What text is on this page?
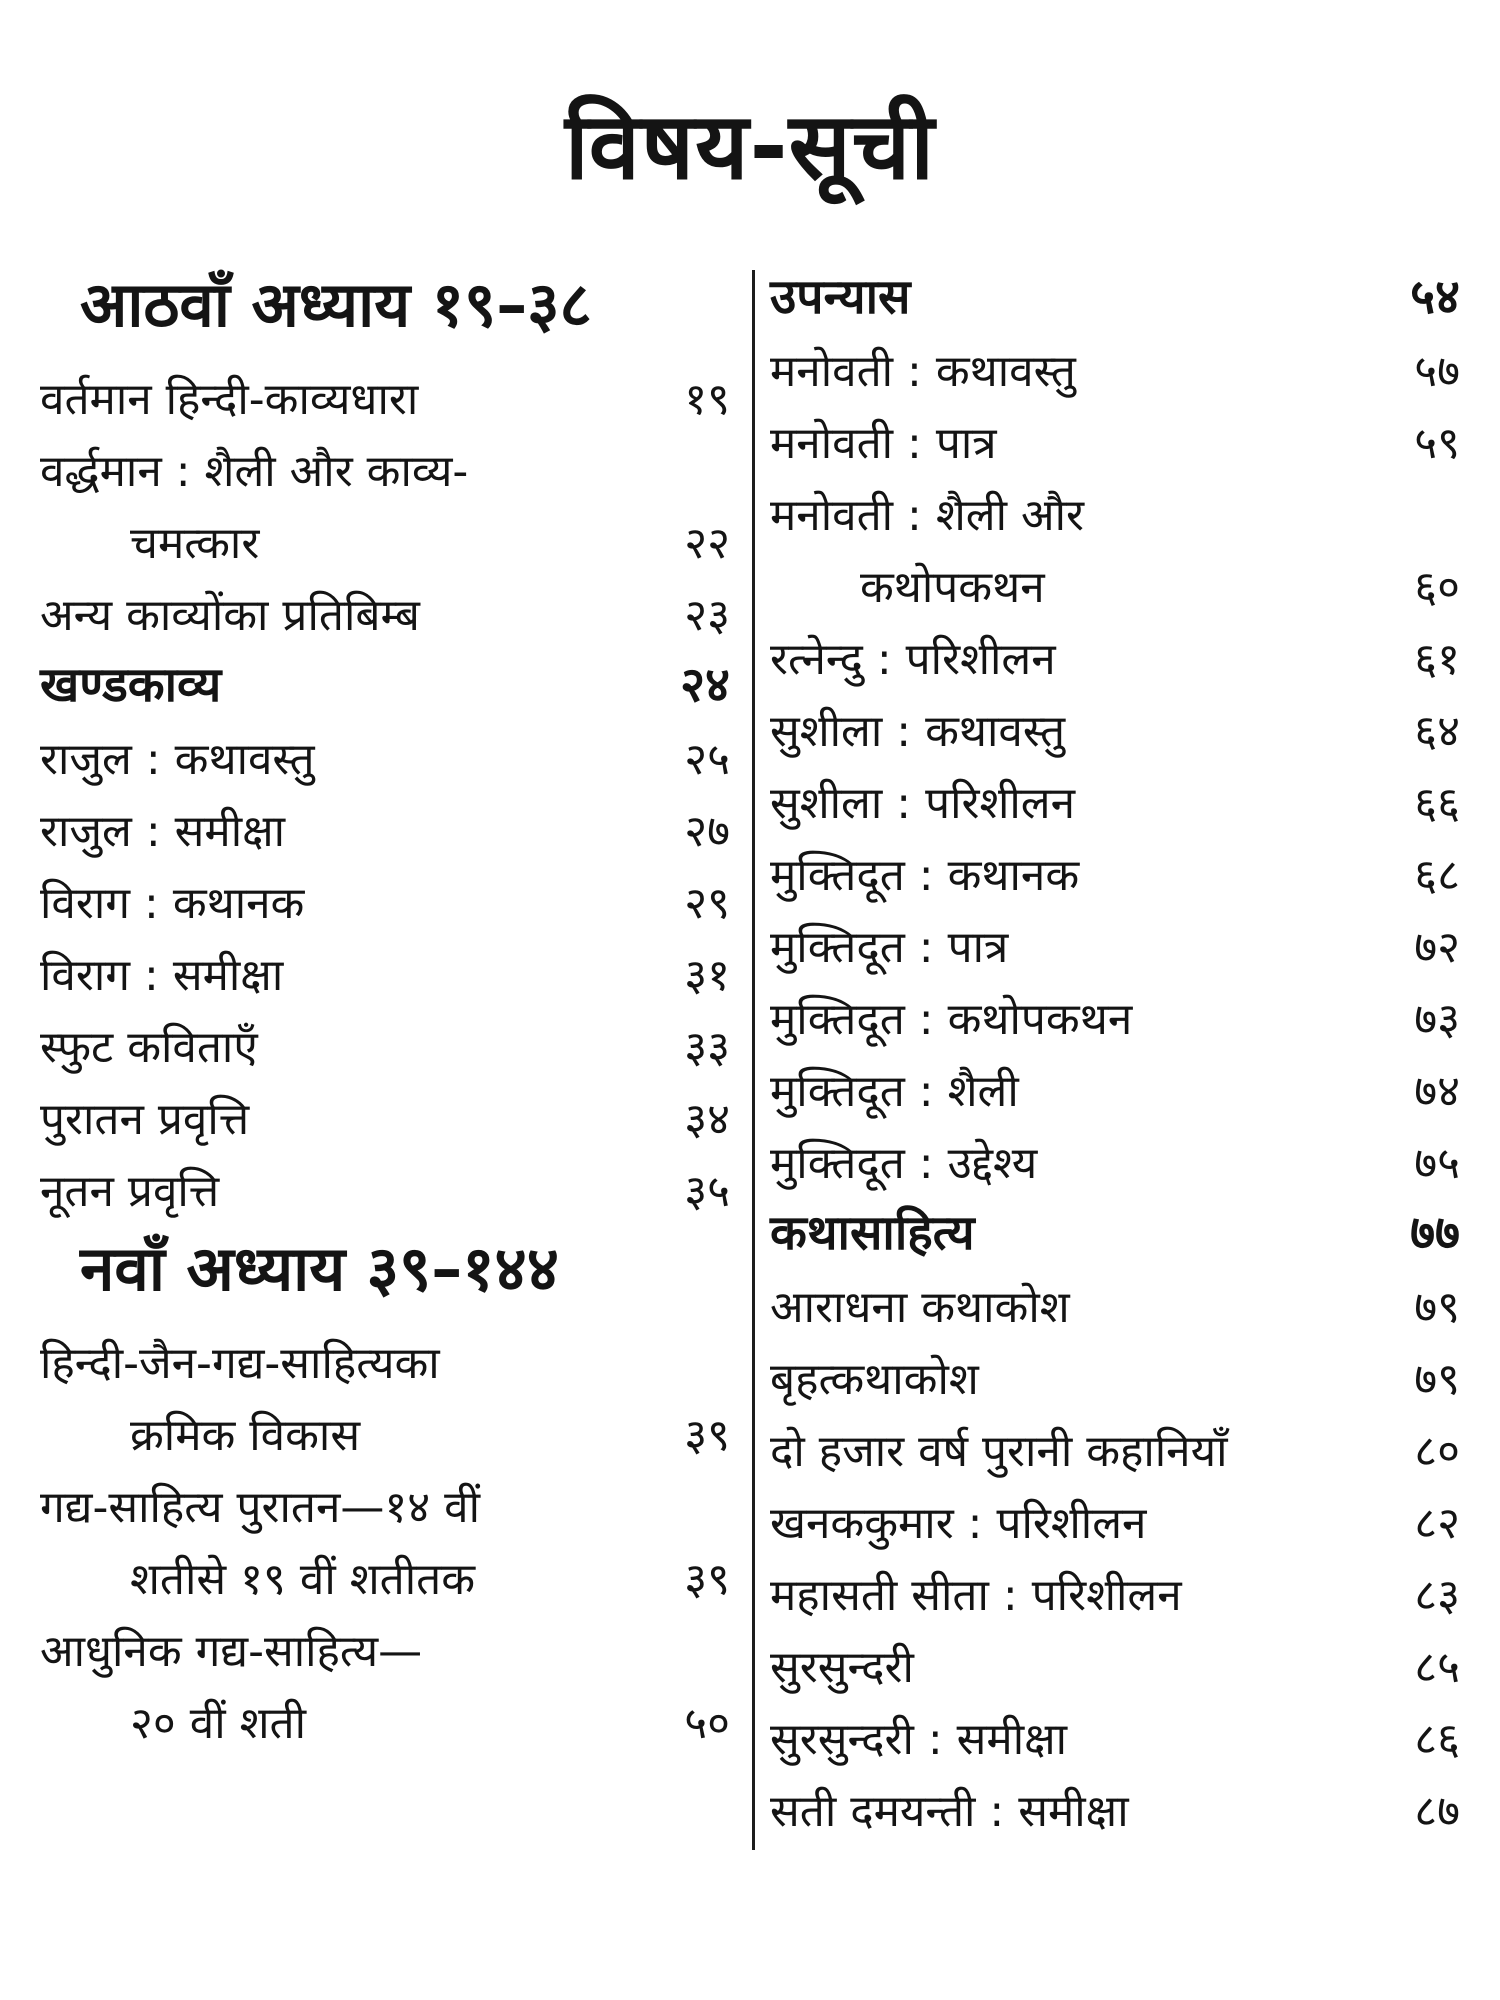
विषय-सूची
आठवाँ अध्याय १९–३८
वर्तमान हिन्दी-काव्यधारा	१९
वर्द्धमान : शैली और काव्य-
चमत्कार	२२
अन्य काव्योंका प्रतिबिम्ब	२३
खण्डकाव्य	२४
राजुल : कथावस्तु	२५
राजुल : समीक्षा	२७
विराग : कथानक	२९
विराग : समीक्षा	३१
स्फुट कविताएँ	३३
पुरातन प्रवृत्ति	३४
नूतन प्रवृत्ति	३५
नवाँ अध्याय ३९–१४४
हिन्दी-जैन-गद्य-साहित्यका
क्रमिक विकास	३९
गद्य-साहित्य पुरातन—१४ वीं
शतीसे १९ वीं शतीतक	३९
आधुनिक गद्य-साहित्य—
२० वीं शती	५०
उपन्यास	५४
मनोवती : कथावस्तु	५७
मनोवती : पात्र	५९
मनोवती : शैली और
कथोपकथन	६०
रत्नेन्दु : परिशीलन	६१
सुशीला : कथावस्तु	६४
सुशीला : परिशीलन	६६
मुक्तिदूत : कथानक	६८
मुक्तिदूत : पात्र	७२
मुक्तिदूत : कथोपकथन	७३
मुक्तिदूत : शैली	७४
मुक्तिदूत : उद्देश्य	७५
कथासाहित्य	७७
आराधना कथाकोश	७९
बृहत्कथाकोश	७९
दो हजार वर्ष पुरानी कहानियाँ	८०
खनककुमार : परिशीलन	८२
महासती सीता : परिशीलन	८३
सुरसुन्दरी	८५
सुरसुन्दरी : समीक्षा	८६
सती दमयन्ती : समीक्षा	८७
